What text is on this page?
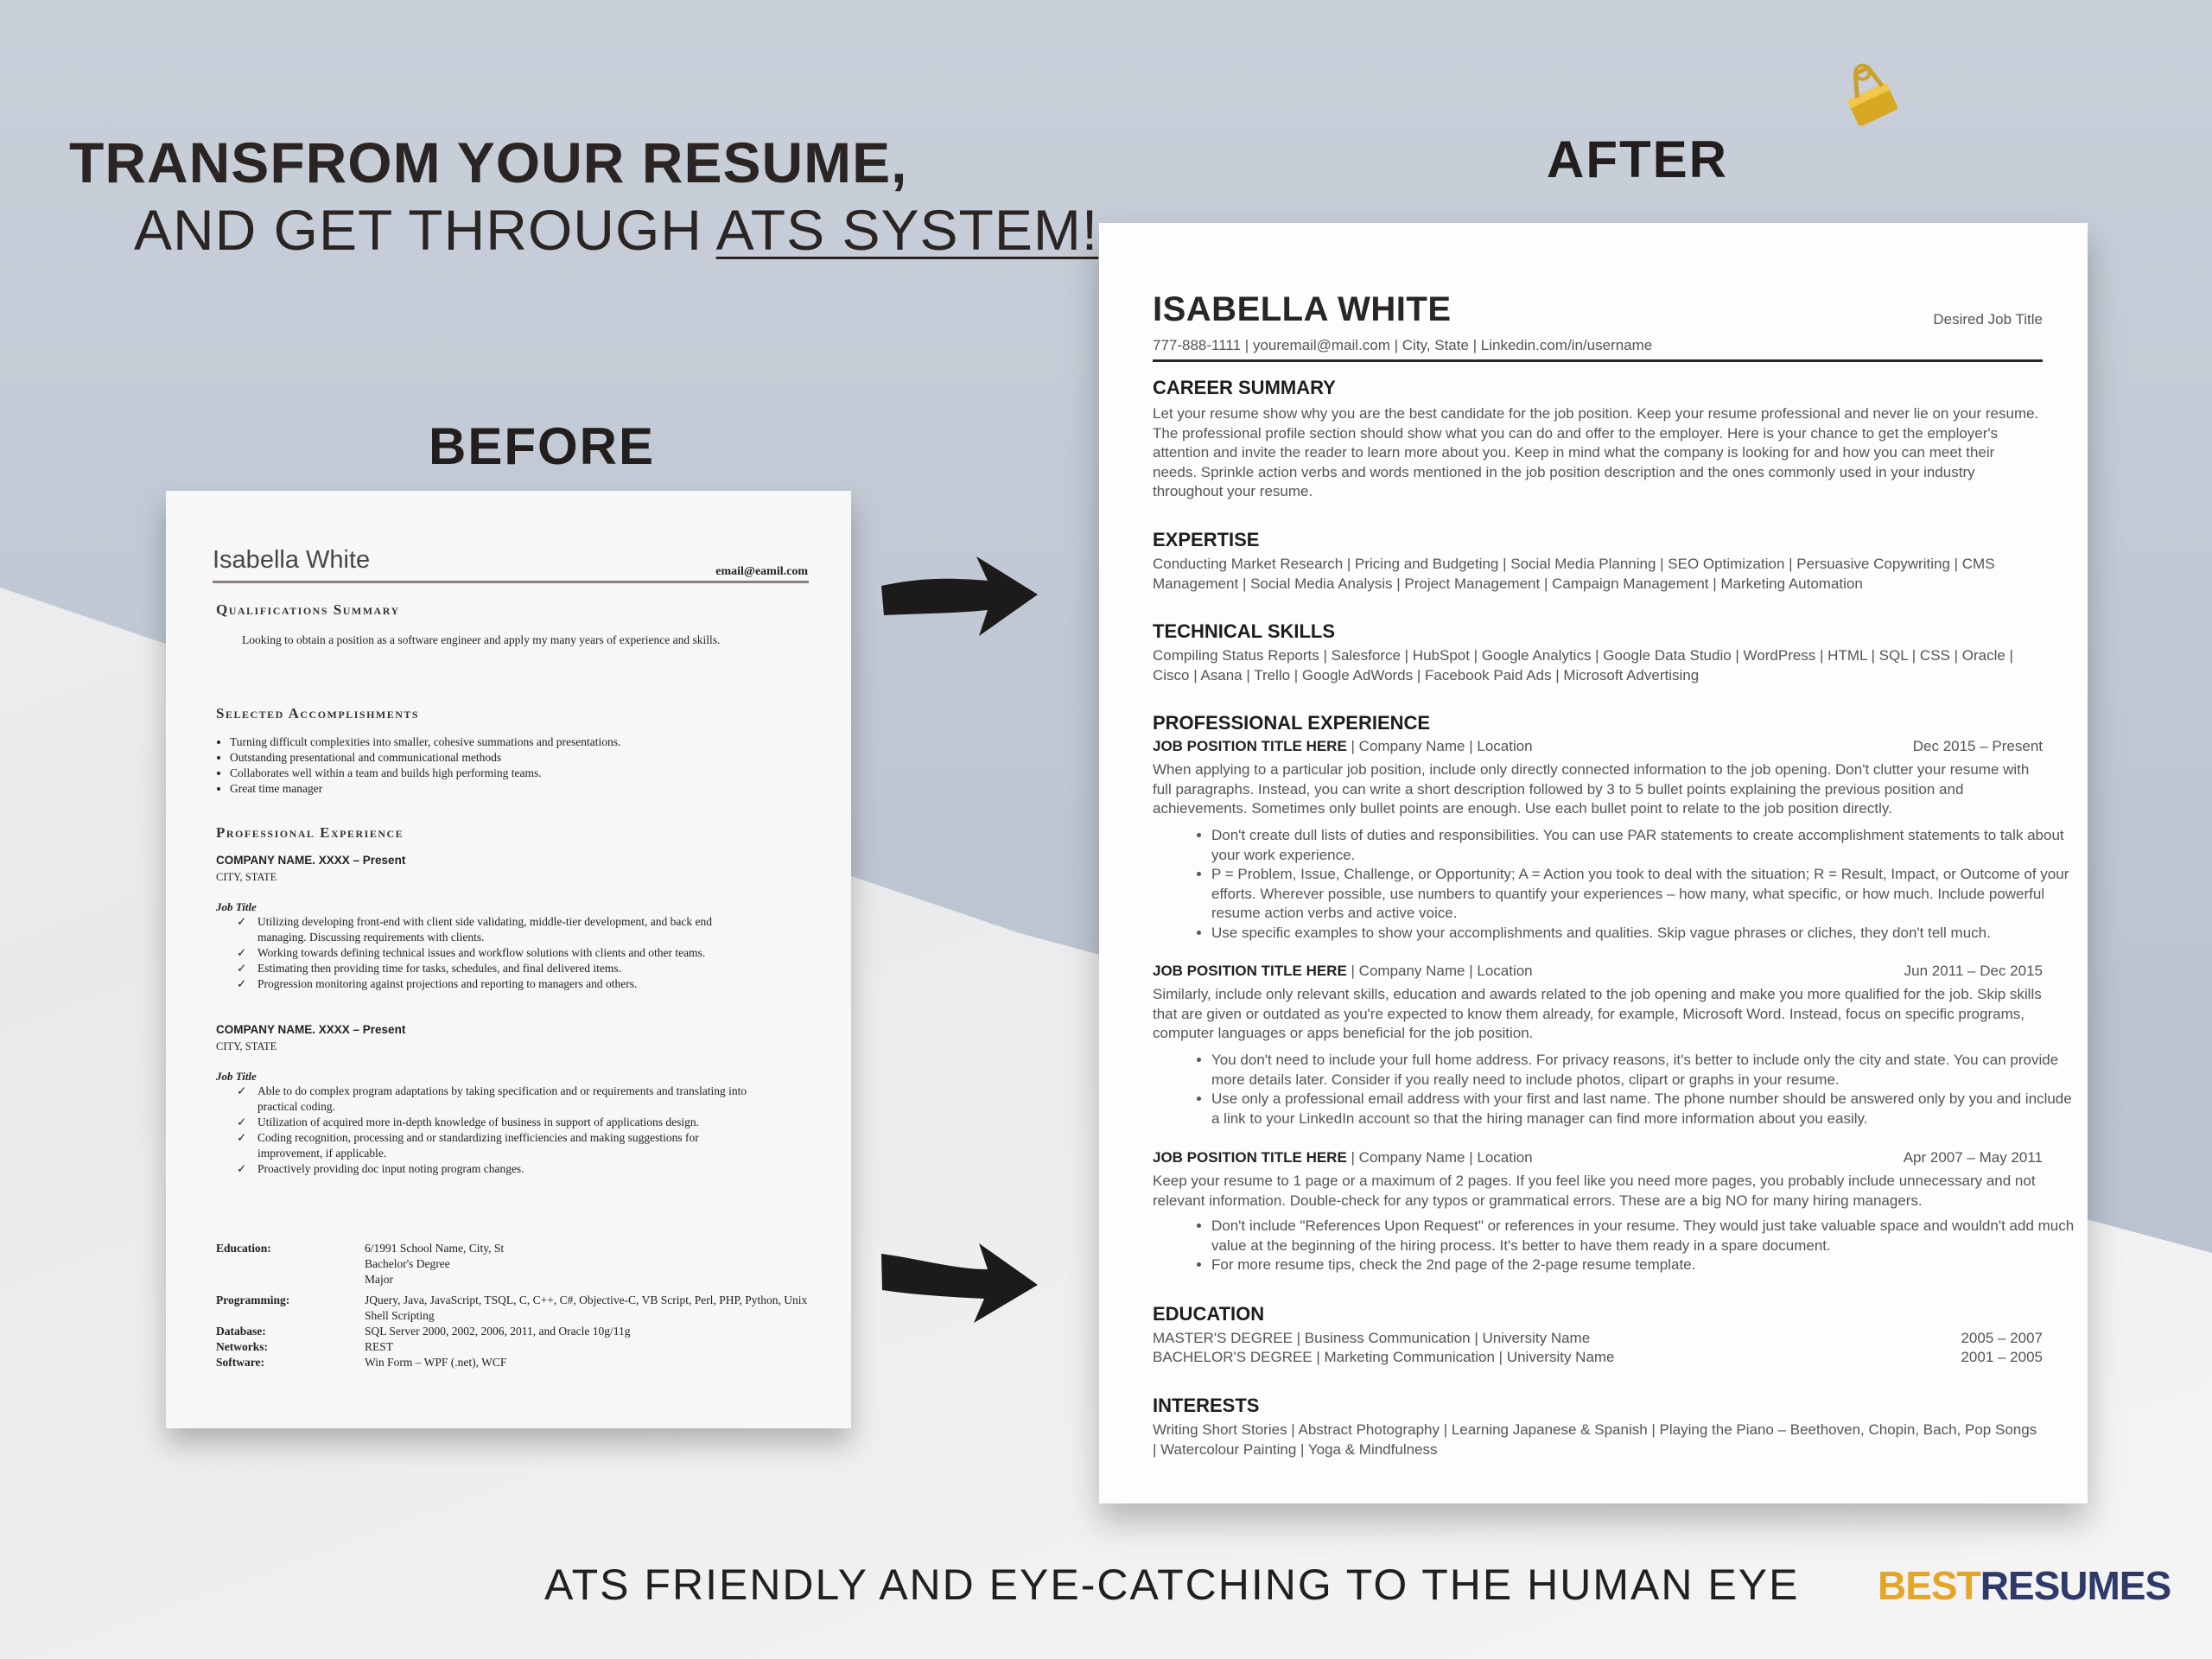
TRANSFROM YOUR RESUME,
AND GET THROUGH ATS SYSTEM!
AFTER
BEFORE
Isabella White	email@eamil.com
Qualifications Summary
Looking to obtain a position as a software engineer and apply my many years of experience and skills.
Selected Accomplishments
• Turning difficult complexities into smaller, cohesive summations and presentations.
• Outstanding presentational and communicational methods
• Collaborates well within a team and builds high performing teams.
• Great time manager
Professional Experience
COMPANY NAME. XXXX – Present
CITY, STATE
Job Title
✓ Utilizing developing front-end with client side validating, middle-tier development, and back end managing. Discussing requirements with clients.
✓ Working towards defining technical issues and workflow solutions with clients and other teams.
✓ Estimating then providing time for tasks, schedules, and final delivered items.
✓ Progression monitoring against projections and reporting to managers and others.
COMPANY NAME. XXXX – Present
CITY, STATE
Job Title
✓ Able to do complex program adaptations by taking specification and or requirements and translating into practical coding.
✓ Utilization of acquired more in-depth knowledge of business in support of applications design.
✓ Coding recognition, processing and or standardizing inefficiencies and making suggestions for improvement, if applicable.
✓ Proactively providing doc input noting program changes.
Education:	6/1991 School Name, City, St
Bachelor's Degree
Major
Programming:	JQuery, Java, JavaScript, TSQL, C, C++, C#, Objective-C, VB Script, Perl, PHP, Python, Unix Shell Scripting
Database:	SQL Server 2000, 2002, 2006, 2011, and Oracle 10g/11g
Networks:	REST
Software:	Win Form – WPF (.net), WCF
ISABELLA WHITE	Desired Job Title
777-888-1111 | youremail@mail.com | City, State | Linkedin.com/in/username
CAREER SUMMARY
Let your resume show why you are the best candidate for the job position. Keep your resume professional and never lie on your resume. The professional profile section should show what you can do and offer to the employer. Here is your chance to get the employer's attention and invite the reader to learn more about you. Keep in mind what the company is looking for and how you can meet their needs. Sprinkle action verbs and words mentioned in the job position description and the ones commonly used in your industry throughout your resume.
EXPERTISE
Conducting Market Research | Pricing and Budgeting | Social Media Planning | SEO Optimization | Persuasive Copywriting | CMS Management | Social Media Analysis | Project Management | Campaign Management | Marketing Automation
TECHNICAL SKILLS
Compiling Status Reports | Salesforce | HubSpot | Google Analytics | Google Data Studio | WordPress | HTML | SQL | CSS | Oracle | Cisco | Asana | Trello | Google AdWords | Facebook Paid Ads | Microsoft Advertising
PROFESSIONAL EXPERIENCE
JOB POSITION TITLE HERE | Company Name | Location	Dec 2015 – Present
When applying to a particular job position, include only directly connected information to the job opening. Don't clutter your resume with full paragraphs. Instead, you can write a short description followed by 3 to 5 bullet points explaining the previous position and achievements. Sometimes only bullet points are enough. Use each bullet point to relate to the job position directly.
• Don't create dull lists of duties and responsibilities. You can use PAR statements to create accomplishment statements to talk about your work experience.
• P = Problem, Issue, Challenge, or Opportunity; A = Action you took to deal with the situation; R = Result, Impact, or Outcome of your efforts. Wherever possible, use numbers to quantify your experiences – how many, what specific, or how much. Include powerful resume action verbs and active voice.
• Use specific examples to show your accomplishments and qualities. Skip vague phrases or cliches, they don't tell much.
JOB POSITION TITLE HERE | Company Name | Location	Jun 2011 – Dec 2015
Similarly, include only relevant skills, education and awards related to the job opening and make you more qualified for the job. Skip skills that are given or outdated as you're expected to know them already, for example, Microsoft Word. Instead, focus on specific programs, computer languages or apps beneficial for the job position.
• You don't need to include your full home address. For privacy reasons, it's better to include only the city and state. You can provide more details later. Consider if you really need to include photos, clipart or graphs in your resume.
• Use only a professional email address with your first and last name. The phone number should be answered only by you and include a link to your LinkedIn account so that the hiring manager can find more information about you easily.
JOB POSITION TITLE HERE | Company Name | Location	Apr 2007 – May 2011
Keep your resume to 1 page or a maximum of 2 pages. If you feel like you need more pages, you probably include unnecessary and not relevant information. Double-check for any typos or grammatical errors. These are a big NO for many hiring managers.
• Don't include "References Upon Request" or references in your resume. They would just take valuable space and wouldn't add much value at the beginning of the hiring process. It's better to have them ready in a spare document.
• For more resume tips, check the 2nd page of the 2-page resume template.
EDUCATION
MASTER'S DEGREE | Business Communication | University Name	2005 – 2007
BACHELOR'S DEGREE | Marketing Communication | University Name	2001 – 2005
INTERESTS
Writing Short Stories | Abstract Photography | Learning Japanese & Spanish | Playing the Piano – Beethoven, Chopin, Bach, Pop Songs | Watercolour Painting | Yoga & Mindfulness
ATS FRIENDLY AND EYE-CATCHING TO THE HUMAN EYE BESTRESUMES
